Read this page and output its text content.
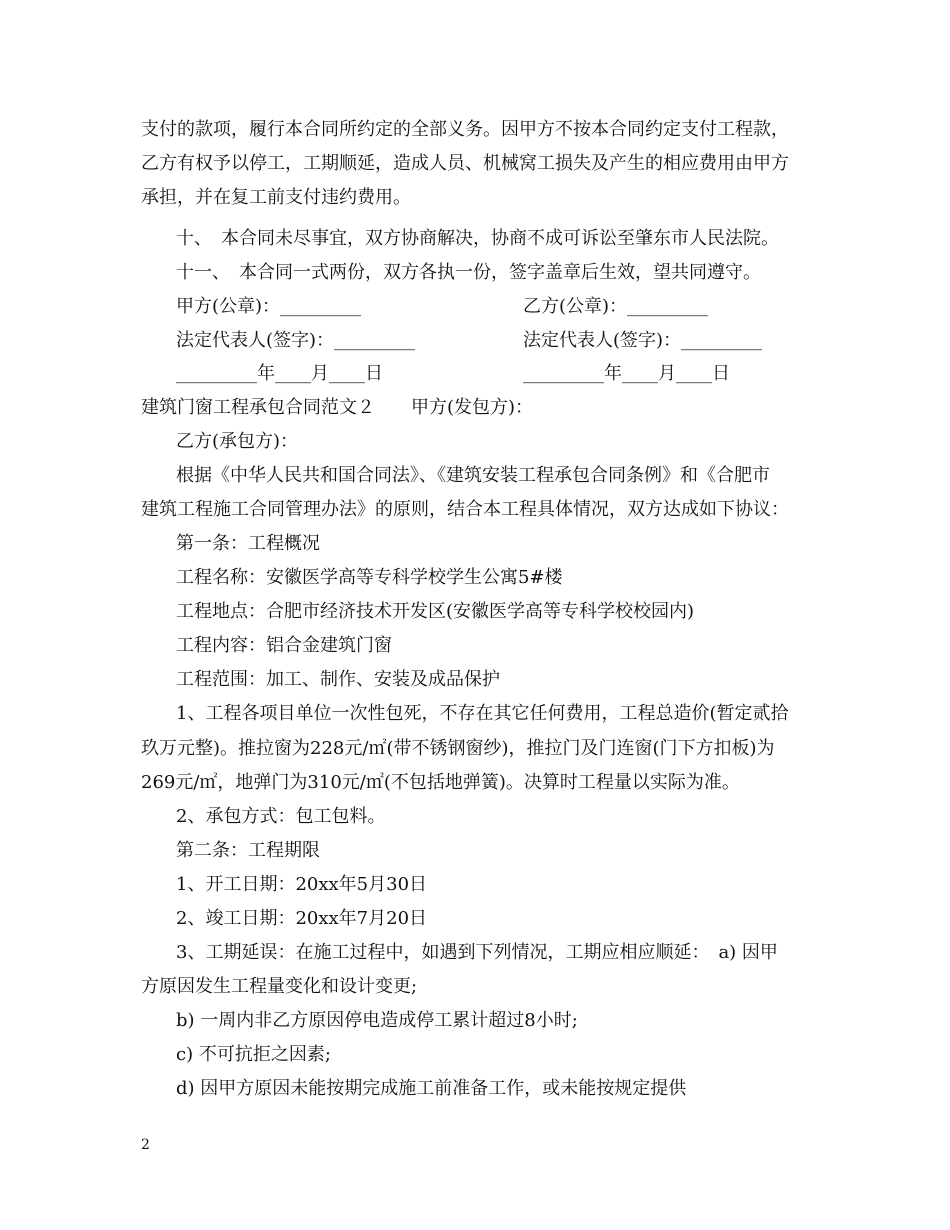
支付的款项，履行本合同所约定的全部义务。因甲方不按本合同约定支付工程款，
乙方有权予以停工，工期顺延，造成人员、机械窝工损失及产生的相应费用由甲方
承担，并在复工前支付违约费用。
十、　本合同未尽事宜，双方协商解决，协商不成可诉讼至肇东市人民法院。
十一、　本合同一式两份，双方各执一份，签字盖章后生效，望共同遵守。
甲方(公章)：_________	乙方(公章)：_________
法定代表人(签字)：_________	法定代表人(签字)：_________
_________年____月____日	_________年____月____日
建筑门窗工程承包合同范文２　　甲方(发包方)：
乙方(承包方)：
根据《中华人民共和国合同法》、《建筑安装工程承包合同条例》和《合肥市
建筑工程施工合同管理办法》的原则，结合本工程具体情况，双方达成如下协议：
第一条：工程概况
工程名称：安徽医学高等专科学校学生公寓5#楼
工程地点：合肥市经济技术开发区(安徽医学高等专科学校校园内)
工程内容：铝合金建筑门窗
工程范围：加工、制作、安装及成品保护
1、工程各项目单位一次性包死，不存在其它任何费用，工程总造价(暂定贰拾
玖万元整)。推拉窗为228元/㎡(带不锈钢窗纱)，推拉门及门连窗(门下方扣板)为
269元/㎡，地弹门为310元/㎡(不包括地弹簧)。决算时工程量以实际为准。
2、承包方式：包工包料。
第二条：工程期限
1、开工日期：20xx年5月30日
2、竣工日期：20xx年7月20日
3、工期延误：在施工过程中，如遇到下列情况，工期应相应顺延：　a) 因甲
方原因发生工程量变化和设计变更;
b) 一周内非乙方原因停电造成停工累计超过8小时;
c) 不可抗拒之因素;
d) 因甲方原因未能按期完成施工前准备工作，或未能按规定提供
2
